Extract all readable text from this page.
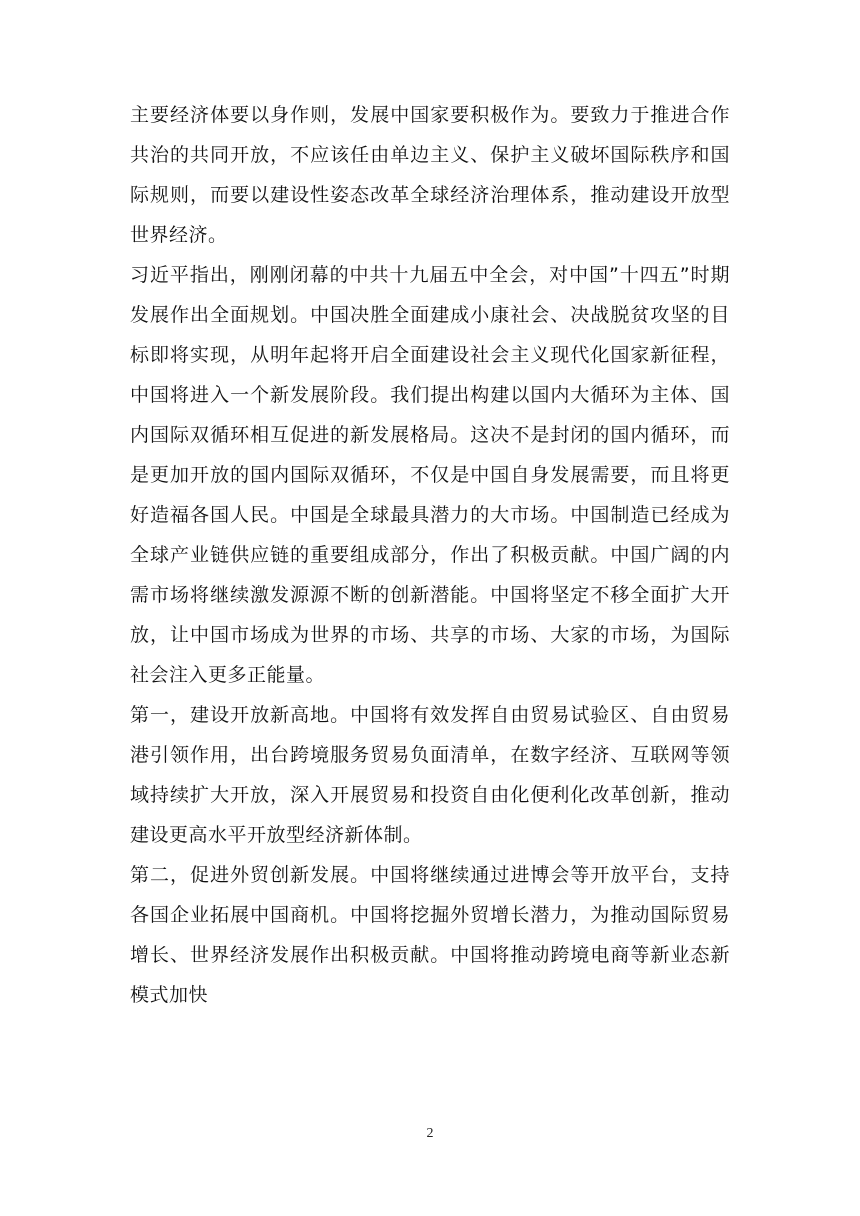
主要经济体要以身作则，发展中国家要积极作为。要致力于推进合作共治的共同开放，不应该任由单边主义、保护主义破坏国际秩序和国际规则，而要以建设性姿态改革全球经济治理体系，推动建设开放型世界经济。

习近平指出，刚刚闭幕的中共十九届五中全会，对中国”十四五”时期发展作出全面规划。中国决胜全面建成小康社会、决战脱贫攻坚的目标即将实现，从明年起将开启全面建设社会主义现代化国家新征程，中国将进入一个新发展阶段。我们提出构建以国内大循环为主体、国内国际双循环相互促进的新发展格局。这决不是封闭的国内循环，而是更加开放的国内国际双循环，不仅是中国自身发展需要，而且将更好造福各国人民。中国是全球最具潜力的大市场。中国制造已经成为全球产业链供应链的重要组成部分，作出了积极贡献。中国广阔的内需市场将继续激发源源不断的创新潜能。中国将坚定不移全面扩大开放，让中国市场成为世界的市场、共享的市场、大家的市场，为国际社会注入更多正能量。

第一，建设开放新高地。中国将有效发挥自由贸易试验区、自由贸易港引领作用，出台跨境服务贸易负面清单，在数字经济、互联网等领域持续扩大开放，深入开展贸易和投资自由化便利化改革创新，推动建设更高水平开放型经济新体制。

第二，促进外贸创新发展。中国将继续通过进博会等开放平台，支持各国企业拓展中国商机。中国将挖掘外贸增长潜力，为推动国际贸易增长、世界经济发展作出积极贡献。中国将推动跨境电商等新业态新模式加快

2
